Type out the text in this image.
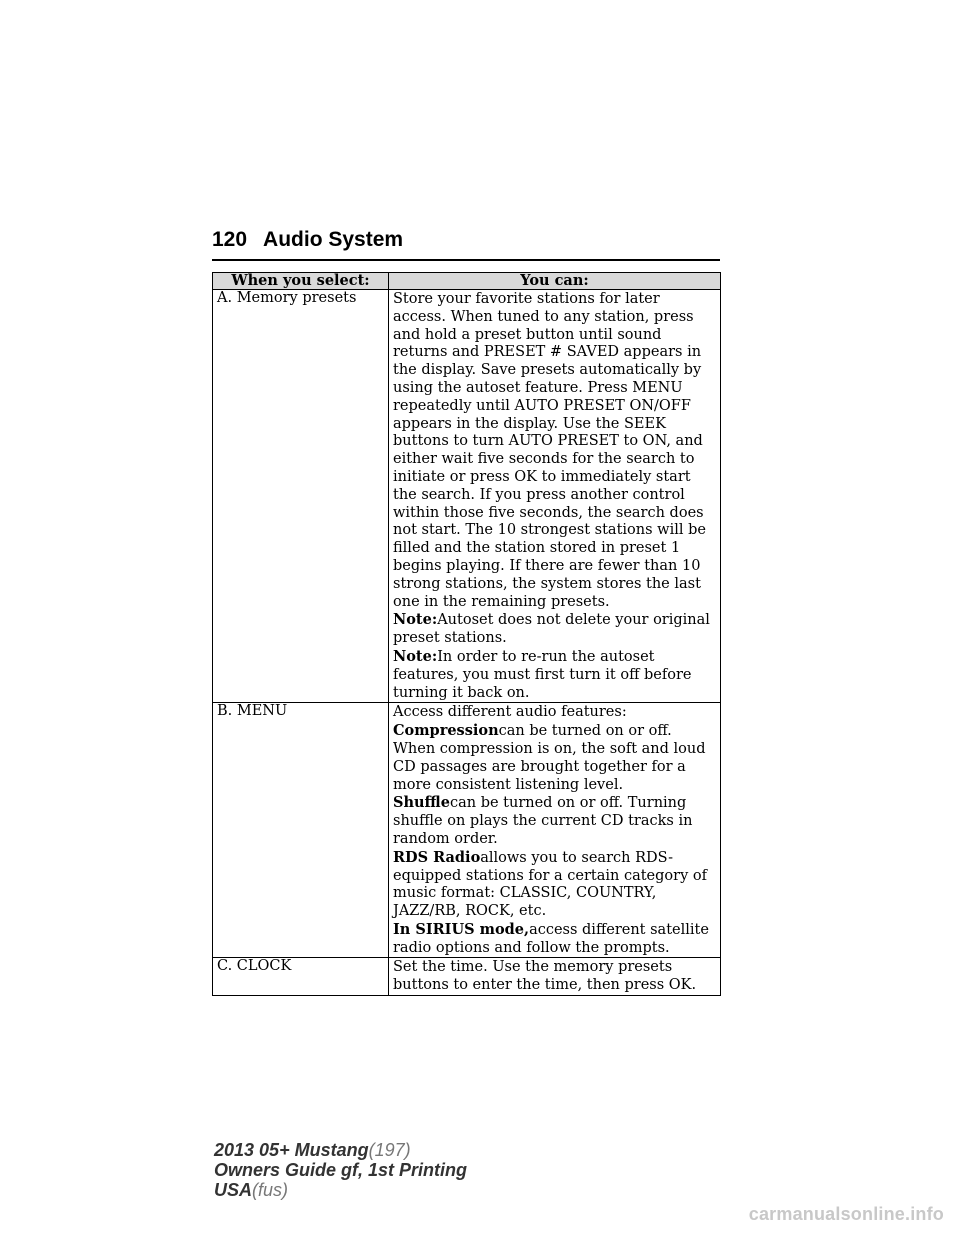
120 Audio System
When you select:	You can:
A. Memory presets	Store your favorite stations for later access. When tuned to any station, press and hold a preset button until sound returns and PRESET # SAVED appears in the display. Save presets automatically by using the autoset feature. Press MENU repeatedly until AUTO PRESET ON/OFF appears in the display. Use the SEEK buttons to turn AUTO PRESET to ON, and either wait five seconds for the search to initiate or press OK to immediately start the search. If you press another control within those five seconds, the search does not start. The 10 strongest stations will be filled and the station stored in preset 1 begins playing. If there are fewer than 10 strong stations, the system stores the last one in the remaining presets.

Note:Autoset does not delete your original preset stations.

Note:In order to re-run the autoset features, you must first turn it off before turning it back on.

B. MENU	Access different audio features:

Compressioncan be turned on or off. When compression is on, the soft and loud CD passages are brought together for a more consistent listening level.

Shufflecan be turned on or off. Turning shuffle on plays the current CD tracks in random order.

RDS Radioallows you to search RDS-equipped stations for a certain category of music format: CLASSIC, COUNTRY, JAZZ/RB, ROCK, etc.

In SIRIUS mode,access different satellite radio options and follow the prompts.

C. CLOCK	Set the time. Use the memory presets buttons to enter the time, then press OK.

2013 05+ Mustang(197)
Owners Guide gf, 1st Printing
USA(fus)
carmanualsonline.info
